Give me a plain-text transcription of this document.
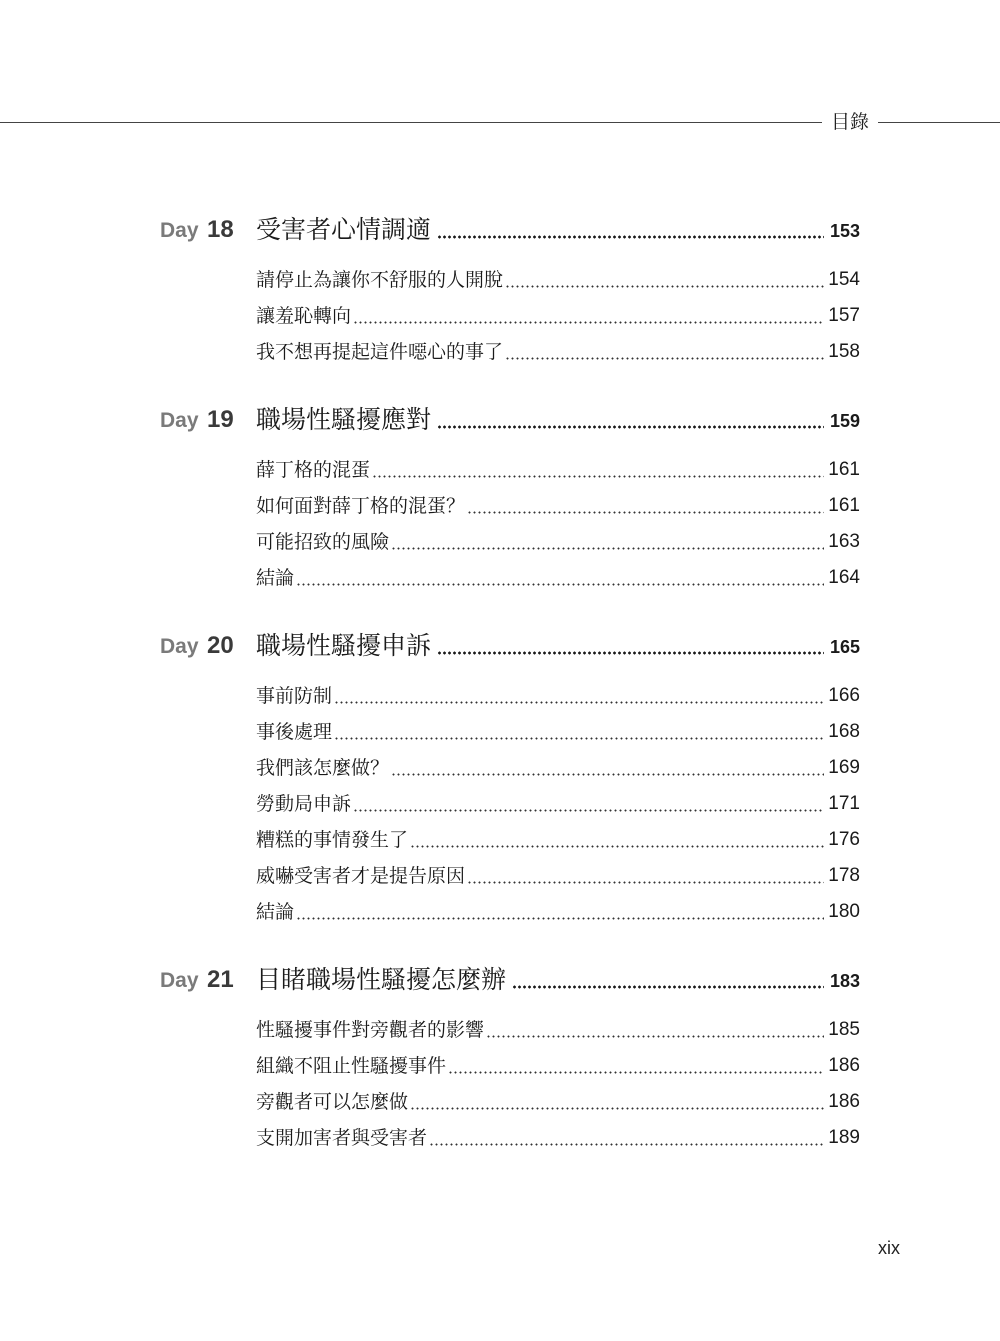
目錄
Day 18 受害者心情調適	153
請停止為讓你不舒服的人開脫	154
讓羞恥轉向	157
我不想再提起這件噁心的事了	158
Day 19 職場性騷擾應對	159
薛丁格的混蛋	161
如何面對薛丁格的混蛋？	161
可能招致的風險	163
結論	164
Day 20 職場性騷擾申訴	165
事前防制	166
事後處理	168
我們該怎麼做？	169
勞動局申訴	171
糟糕的事情發生了	176
威嚇受害者才是提告原因	178
結論	180
Day 21 目睹職場性騷擾怎麼辦	183
性騷擾事件對旁觀者的影響	185
組織不阻止性騷擾事件	186
旁觀者可以怎麼做	186
支開加害者與受害者	189
xix
